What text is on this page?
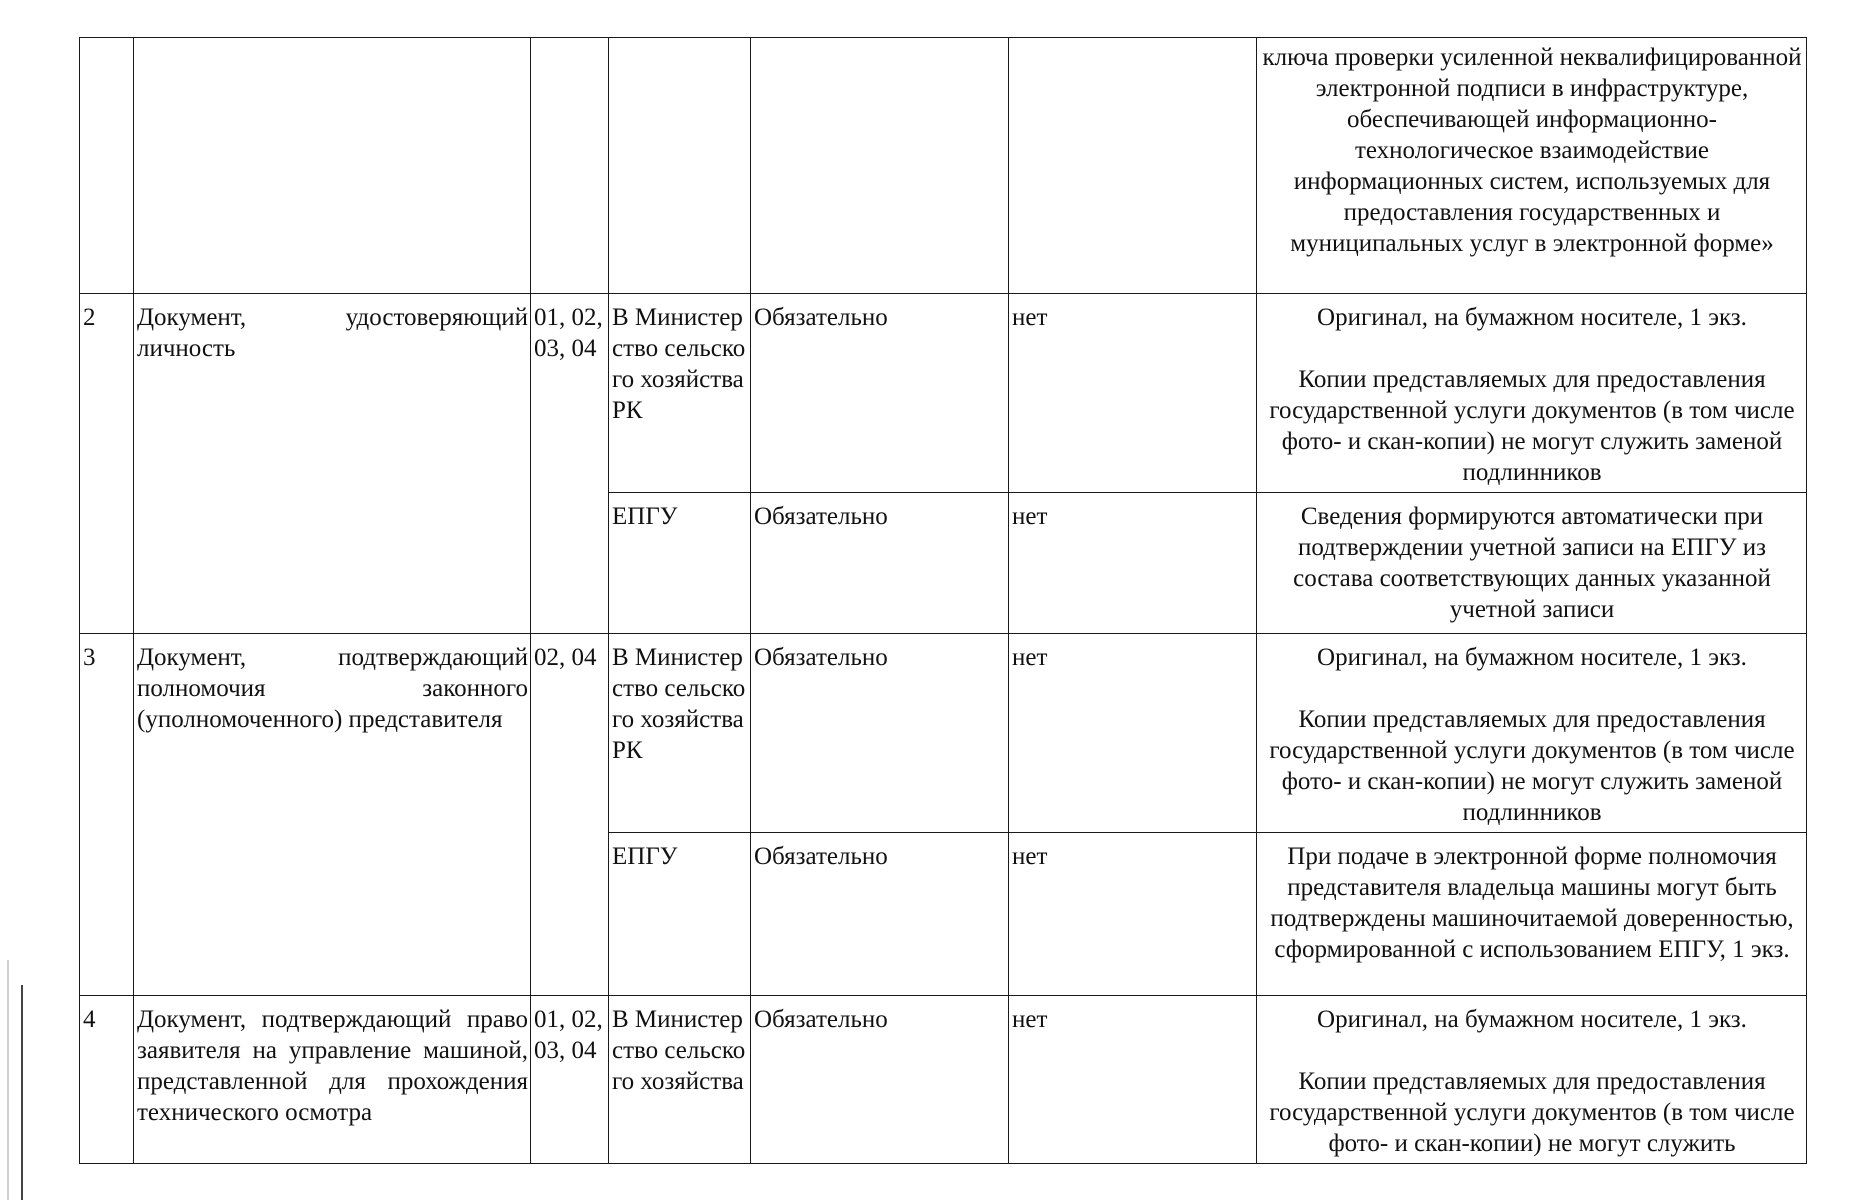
						ключа проверки усиленной неквалифицированной электронной подписи в инфраструктуре, обеспечивающей информационно-технологическое взаимодействие информационных систем, используемых для предоставления государственных и муниципальных услуг в электронной форме»
2	Документ, удостоверяющий личность	01, 02, 03, 04	В Министерство сельского хозяйства РК	Обязательно	нет	Оригинал, на бумажном носителе, 1 экз.
Копии представляемых для предоставления государственной услуги документов (в том числе фото- и скан-копии) не могут служить заменой подлинников
			ЕПГУ	Обязательно	нет	Сведения формируются автоматически при подтверждении учетной записи на ЕПГУ из состава соответствующих данных указанной учетной записи
3	Документ, подтверждающий полномочия законного (уполномоченного) представителя	02, 04	В Министерство сельского хозяйства РК	Обязательно	нет	Оригинал, на бумажном носителе, 1 экз.
Копии представляемых для предоставления государственной услуги документов (в том числе фото- и скан-копии) не могут служить заменой подлинников
			ЕПГУ	Обязательно	нет	При подаче в электронной форме полномочия представителя владельца машины могут быть подтверждены машиночитаемой доверенностью, сформированной с использованием ЕПГУ, 1 экз.
4	Документ, подтверждающий право заявителя на управление машиной, представленной для прохождения технического осмотра	01, 02, 03, 04	В Министерство сельского хозяйства	Обязательно	нет	Оригинал, на бумажном носителе, 1 экз.
Копии представляемых для предоставления государственной услуги документов (в том числе фото- и скан-копии) не могут служить
